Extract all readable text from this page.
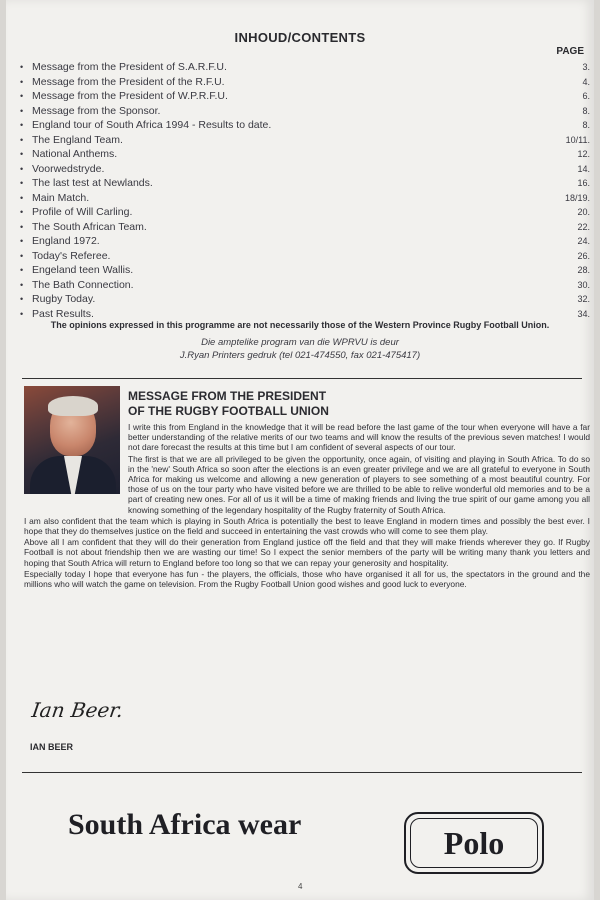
INHOUD/CONTENTS
PAGE
• Message from the President of S.A.R.F.U.	3.
• Message from the President of the R.F.U.	4.
• Message from the President of W.P.R.F.U.	6.
• Message from the Sponsor.	8.
• England tour of South Africa 1994 - Results to date.	8.
• The England Team.	10/11.
• National Anthems.	12.
• Voorwedstryde.	14.
• The last test at Newlands.	16.
• Main Match.	18/19.
• Profile of Will Carling.	20.
• The South African Team.	22.
• England 1972.	24.
• Today's Referee.	26.
• Engeland teen Wallis.	28.
• The Bath Connection.	30.
• Rugby Today.	32.
• Past Results.	34.
The opinions expressed in this programme are not necessarily those of the Western Province Rugby Football Union.
Die amptelike program van die WPRVU is deur
J.Ryan Printers gedruk (tel 021-474550, fax 021-475417)
MESSAGE FROM THE PRESIDENT
OF THE RUGBY FOOTBALL UNION

I write this from England in the knowledge that it will be read before the last game of the tour when everyone will have a far better understanding of the relative merits of our two teams and will know the results of the previous seven matches! I would not dare forecast the results at this time but I am confident of several aspects of our tour.

The first is that we are all privileged to be given the opportunity, once again, of visiting and playing in South Africa. To do so in the 'new' South Africa so soon after the elections is an even greater privilege and we are all grateful to everyone in South Africa for making us welcome and allowing a new generation of players to see something of a most beautiful country. For those of us on the tour party who have visited before we are thrilled to be able to relive wonderful old memories and to be a part of creating new ones. For all of us it will be a time of making friends and living the true spirit of our game among you all knowing something of the legendary hospitality of the Rugby fraternity of South Africa.

I am also confident that the team which is playing in South Africa is potentially the best to leave England in modern times and possibly the best ever. I hope that they do themselves justice on the field and succeed in entertaining the vast crowds who will come to see them play.

Above all I am confident that they will do their generation from England justice off the field and that they will make friends wherever they go. If Rugby Football is not about friendship then we are wasting our time! So I expect the senior members of the party will be writing many thank you letters and hoping that South Africa will return to England before too long so that we can repay your generosity and hospitality.

Especially today I hope that everyone has fun - the players, the officials, those who have organised it all for us, the spectators in the ground and the millions who will watch the game on television. From the Rugby Football Union good wishes and good luck to everyone.

Ian Beer.
IAN BEER
South Africa wear	Polo
4
